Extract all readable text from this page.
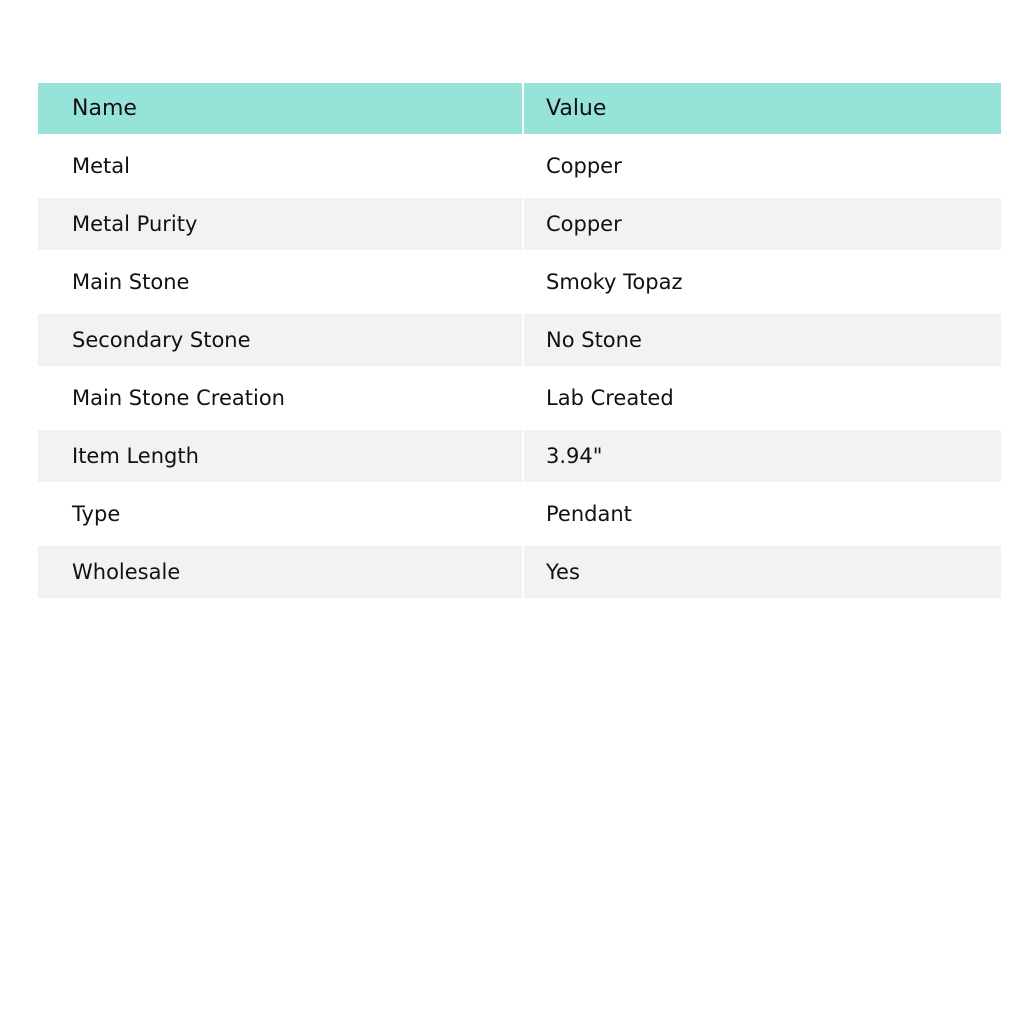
Name	Value
Metal	Copper
Metal Purity	Copper
Main Stone	Smoky Topaz
Secondary Stone	No Stone
Main Stone Creation	Lab Created
Item Length	3.94"
Type	Pendant
Wholesale	Yes
